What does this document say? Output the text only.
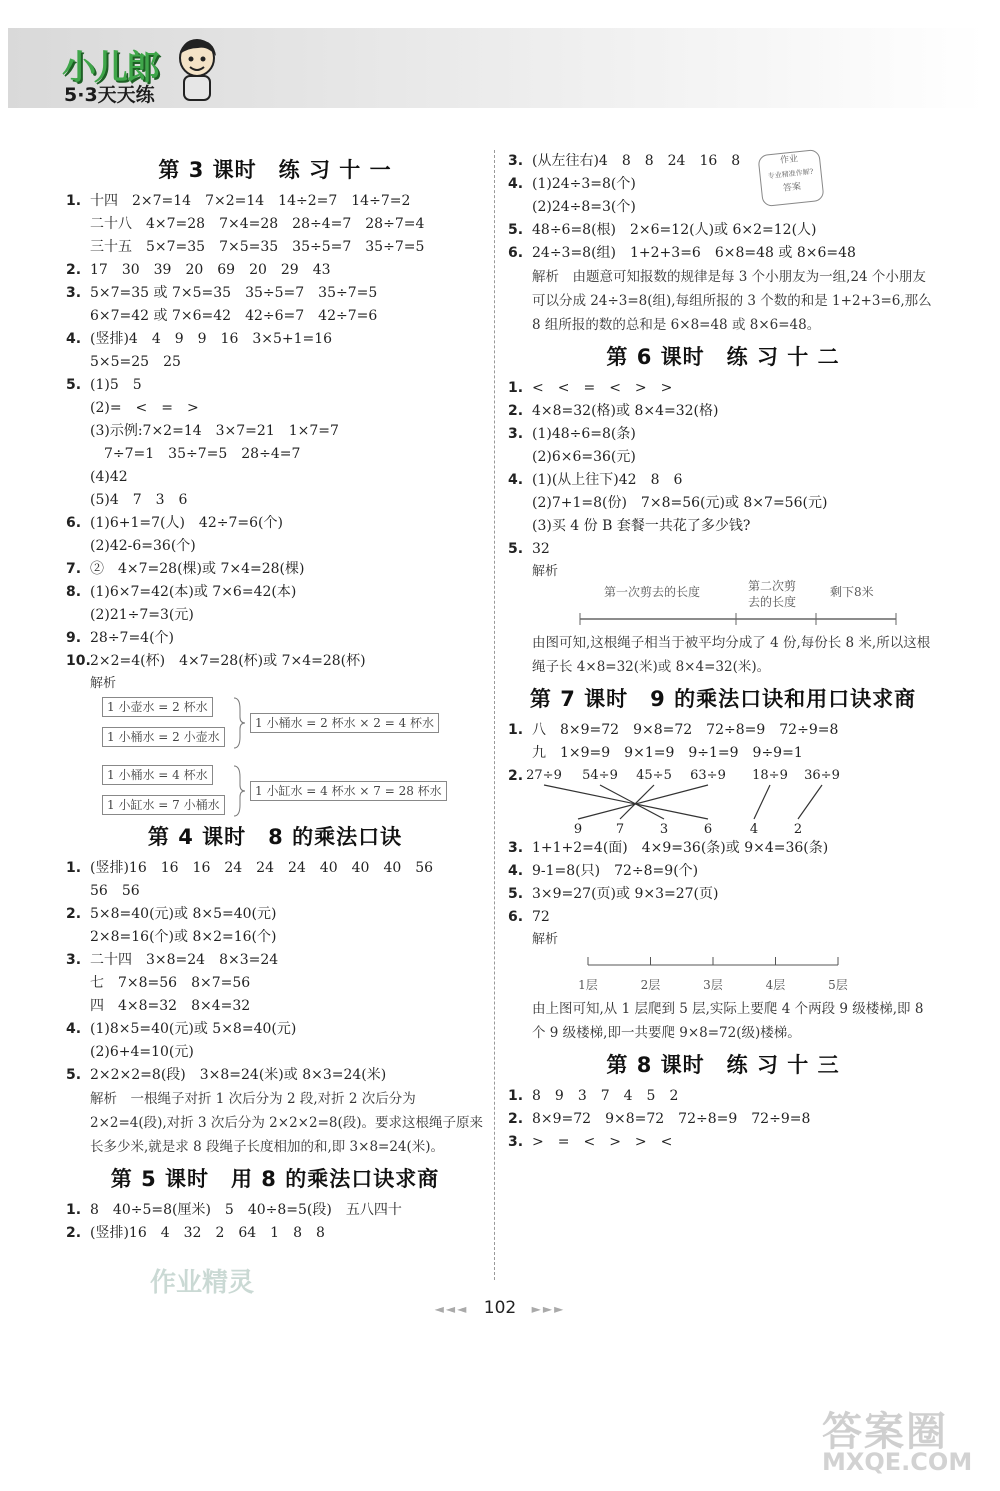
小儿郎
5·3天天练
第 3 课时　练 习 十 一
1. 十四　2×7=14　7×2=14　14÷2=7　14÷7=2
二十八　4×7=28　7×4=28　28÷4=7　28÷7=4
三十五　5×7=35　7×5=35　35÷5=7　35÷7=5
2. 17　30　39　20　69　20　29　43
3. 5×7=35 或 7×5=35　35÷5=7　35÷7=5
6×7=42 或 7×6=42　42÷6=7　42÷7=6
4. (竖排)4　4　9　9　16　3×5+1=16
5×5=25　25
5. (1)5　5
(2)=　<　=　>
(3)示例:7×2=14　3×7=21　1×7=7
　7÷7=1　35÷7=5　28÷4=7
(4)42
(5)4　7　3　6
6. (1)6+1=7(人)　42÷7=6(个)
(2)42-6=36(个)
7. ②　4×7=28(棵)或 7×4=28(棵)
8. (1)6×7=42(本)或 7×6=42(本)
(2)21÷7=3(元)
9. 28÷7=4(个)
10.2×2=4(杯)　4×7=28(杯)或 7×4=28(杯)
解析
1 小壶水 = 2 杯水
1 小桶水 = 2 小壶水
1 小桶水 = 2 杯水 × 2 = 4 杯水
1 小桶水 = 4 杯水
1 小缸水 = 7 小桶水
1 小缸水 = 4 杯水 × 7 = 28 杯水
第 4 课时　8 的乘法口诀
1. (竖排)16　16　16　24　24　24　40　40　40　56
56　56
2. 5×8=40(元)或 8×5=40(元)
2×8=16(个)或 8×2=16(个)
3. 二十四　3×8=24　8×3=24
七　7×8=56　8×7=56
四　4×8=32　8×4=32
4. (1)8×5=40(元)或 5×8=40(元)
(2)6+4=10(元)
5. 2×2×2=8(段)　3×8=24(米)或 8×3=24(米)
解析　一根绳子对折 1 次后分为 2 段,对折 2 次后分为 2×2=4(段),对折 3 次后分为 2×2×2=8(段)。要求这根绳子原来长多少米,就是求 8 段绳子长度相加的和,即 3×8=24(米)。
第 5 课时　用 8 的乘法口诀求商
1. 8　40÷5=8(厘米)　5　40÷8=5(段)　五八四十
2. (竖排)16　4　32　2　64　1　8　8
3. (从左往右)4　8　8　24　16　8
4. (1)24÷3=8(个)
(2)24÷8=3(个)
5. 48÷6=8(根)　2×6=12(人)或 6×2=12(人)
6. 24÷3=8(组)　1+2+3=6　6×8=48 或 8×6=48
解析　由题意可知报数的规律是每 3 个小朋友为一组,24 个小朋友可以分成 24÷3=8(组),每组所报的 3 个数的和是 1+2+3=6,那么 8 组所报的数的总和是 6×8=48 或 8×6=48。
第 6 课时　练 习 十 二
1. <　<　=　<　>　>
2. 4×8=32(格)或 8×4=32(格)
3. (1)48÷6=8(条)
(2)6×6=36(元)
4. (1)(从上往下)42　8　6
(2)7+1=8(份)　7×8=56(元)或 8×7=56(元)
(3)买 4 份 B 套餐一共花了多少钱?
5. 32
解析
第一次剪去的长度	第二次剪
去的长度
剩下8米
由图可知,这根绳子相当于被平均分成了 4 份,每份长 8 米,所以这根绳子长 4×8=32(米)或 8×4=32(米)。
第 7 课时　9 的乘法口诀和用口诀求商
1. 八　8×9=72　9×8=72　72÷8=9　72÷9=8
九　1×9=9　9×1=9　9÷1=9　9÷9=1
2. 27÷9 54÷9 45÷5 63÷9 18÷9 36÷9
9	7	3	6	4	2
3. 1+1+2=4(面)　4×9=36(条)或 9×4=36(条)
4. 9-1=8(只)　72÷8=9(个)
5. 3×9=27(页)或 9×3=27(页)
6. 72
解析
1层	2层	3层	4层	5层
由上图可知,从 1 层爬到 5 层,实际上要爬 4 个两段 9 级楼梯,即 8 个 9 级楼梯,即一共要爬 9×8=72(级)楼梯。
第 8 课时　练 习 十 三
1. 8　9　3　7　4　5　2
2. 8×9=72　9×8=72　72÷8=9　72÷9=8
3. >　=　<　>　>　<
作业
专业精准作解?
答案
作业精灵
◄◄◄ 102 ►►►
答案圈
MXQE.COM
